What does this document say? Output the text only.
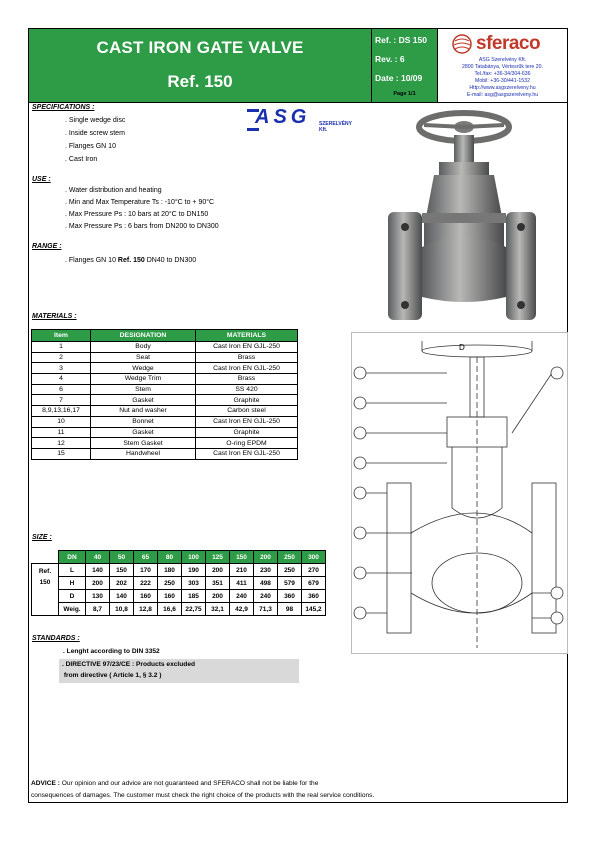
CAST IRON GATE VALVE
Ref. 150
Ref. : DS 150
Rev. : 6
Date : 10/09
Page 1/1
sferaco
ASG Szerelvény Kft.
2800 Tatabánya, Vértesrűk tere 20.
Tel./fax: +36-34/304-636
Mobil: +36-30/441-1532
Http://www.asgszerelveny.hu
E-mail: asg@asgszerelveny.hu
ASG SZERELVÉNY
Kft.
SPECIFICATIONS :
. Single wedge disc
. Inside screw stem
. Flanges GN 10
. Cast Iron
USE :
. Water distribution and heating
. Min and Max Temperature Ts : -10°C to + 90°C
. Max Pressure Ps : 10 bars at 20°C to DN150
. Max Pressure Ps : 6 bars from DN200 to DN300
RANGE :
. Flanges GN 10 Ref. 150 DN40 to DN300
D
MATERIALS :
Item	DESIGNATION	MATERIALS
1	Body	Cast Iron EN GJL-250
2	Seat	Brass
3	Wedge	Cast Iron EN GJL-250
4	Wedge Trim	Brass
6	Stem	SS 420
7	Gasket	Graphite
8,9,13,16,17	Nut and washer	Carbon steel
10	Bonnet	Cast Iron EN GJL-250
11	Gasket	Graphite
12	Stem Gasket	O-ring EPDM
15	Handwheel	Cast Iron EN GJL-250
SIZE :
	DN	40	50	65	80	100	125	150	200	250	300

Ref.
150	L	140	150	170	180	190	200	210	230	250	270
	H	200	202	222	250	303	351	411	498	579	679
	D	130	140	160	160	185	200	240	240	360	360
	Weig.	8,7	10,8	12,8	16,6	22,75	32,1	42,9	71,3	98	145,2
STANDARDS :
. Lenght according to DIN 3352
. DIRECTIVE 97/23/CE : Products excluded
from directive ( Article 1, § 3.2 )
ADVICE : Our opinion and our advice are not guaranteed and SFERACO shall not be liable for the
consequences of damages. The customer must check the right choice of the products with the real service conditions.
